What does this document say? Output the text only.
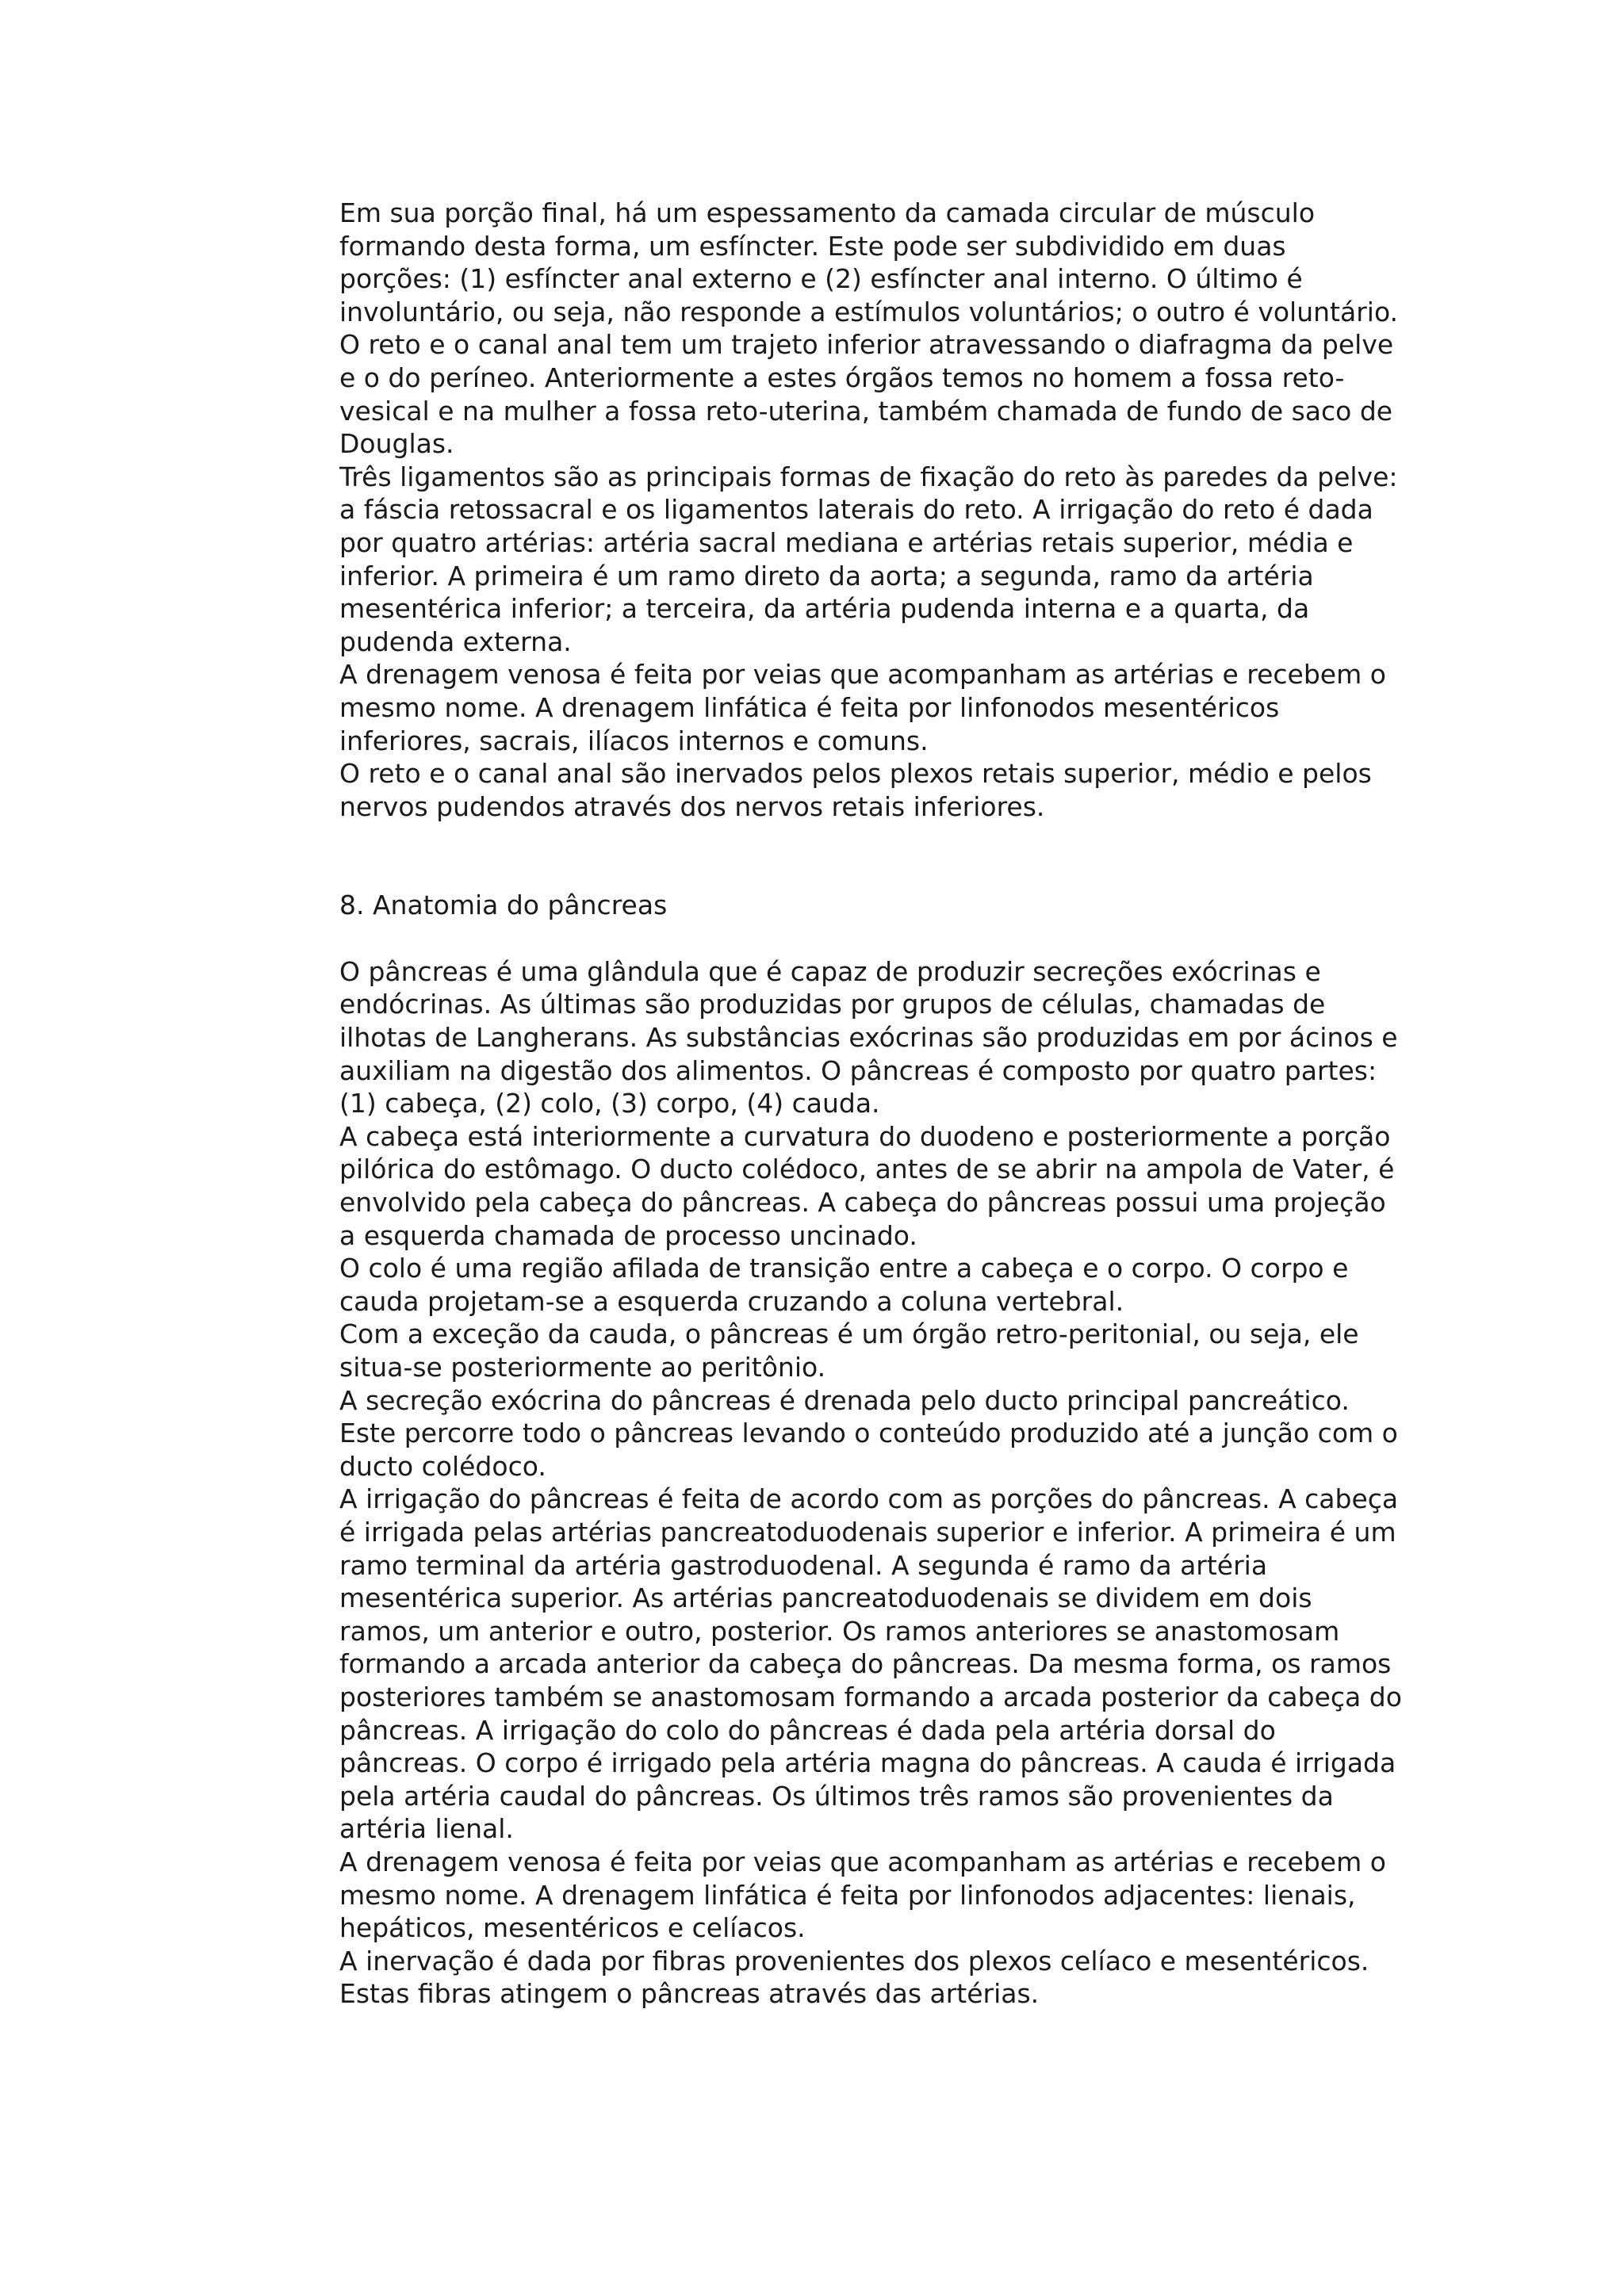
Em sua porção final, há um espessamento da camada circular de músculo formando desta forma, um esfíncter. Este pode ser subdividido em duas porções: (1) esfíncter anal externo e (2) esfíncter anal interno. O último é involuntário, ou seja, não responde a estímulos voluntários; o outro é voluntário.

O reto e o canal anal tem um trajeto inferior atravessando o diafragma da pelve e o do períneo. Anteriormente a estes órgãos temos no homem a fossa reto-vesical e na mulher a fossa reto-uterina, também chamada de fundo de saco de Douglas.

Três ligamentos são as principais formas de fixação do reto às paredes da pelve: a fáscia retossacral e os ligamentos laterais do reto. A irrigação do reto é dada por quatro artérias: artéria sacral mediana e artérias retais superior, média e inferior. A primeira é um ramo direto da aorta; a segunda, ramo da artéria mesentérica inferior; a terceira, da artéria pudenda interna e a quarta, da pudenda externa.

A drenagem venosa é feita por veias que acompanham as artérias e recebem o mesmo nome. A drenagem linfática é feita por linfonodos mesentéricos inferiores, sacrais, ilíacos internos e comuns.

O reto e o canal anal são inervados pelos plexos retais superior, médio e pelos nervos pudendos através dos nervos retais inferiores.

8. Anatomia do pâncreas

O pâncreas é uma glândula que é capaz de produzir secreções exócrinas e endócrinas. As últimas são produzidas por grupos de células, chamadas de ilhotas de Langherans. As substâncias exócrinas são produzidas em por ácinos e auxiliam na digestão dos alimentos. O pâncreas é composto por quatro partes: (1) cabeça, (2) colo, (3) corpo, (4) cauda.

A cabeça está interiormente a curvatura do duodeno e posteriormente a porção pilórica do estômago. O ducto colédoco, antes de se abrir na ampola de Vater, é envolvido pela cabeça do pâncreas. A cabeça do pâncreas possui uma projeção a esquerda chamada de processo uncinado.

O colo é uma região afilada de transição entre a cabeça e o corpo. O corpo e cauda projetam-se a esquerda cruzando a coluna vertebral.

Com a exceção da cauda, o pâncreas é um órgão retro-peritonial, ou seja, ele situa-se posteriormente ao peritônio.

A secreção exócrina do pâncreas é drenada pelo ducto principal pancreático. Este percorre todo o pâncreas levando o conteúdo produzido até a junção com o ducto colédoco.

A irrigação do pâncreas é feita de acordo com as porções do pâncreas. A cabeça é irrigada pelas artérias pancreatoduodenais superior e inferior. A primeira é um ramo terminal da artéria gastroduodenal. A segunda é ramo da artéria mesentérica superior. As artérias pancreatoduodenais se dividem em dois ramos, um anterior e outro, posterior. Os ramos anteriores se anastomosam formando a arcada anterior da cabeça do pâncreas. Da mesma forma, os ramos posteriores também se anastomosam formando a arcada posterior da cabeça do pâncreas. A irrigação do colo do pâncreas é dada pela artéria dorsal do pâncreas. O corpo é irrigado pela artéria magna do pâncreas. A cauda é irrigada pela artéria caudal do pâncreas. Os últimos três ramos são provenientes da artéria lienal.

A drenagem venosa é feita por veias que acompanham as artérias e recebem o mesmo nome. A drenagem linfática é feita por linfonodos adjacentes: lienais, hepáticos, mesentéricos e celíacos.

A inervação é dada por fibras provenientes dos plexos celíaco e mesentéricos. Estas fibras atingem o pâncreas através das artérias.
